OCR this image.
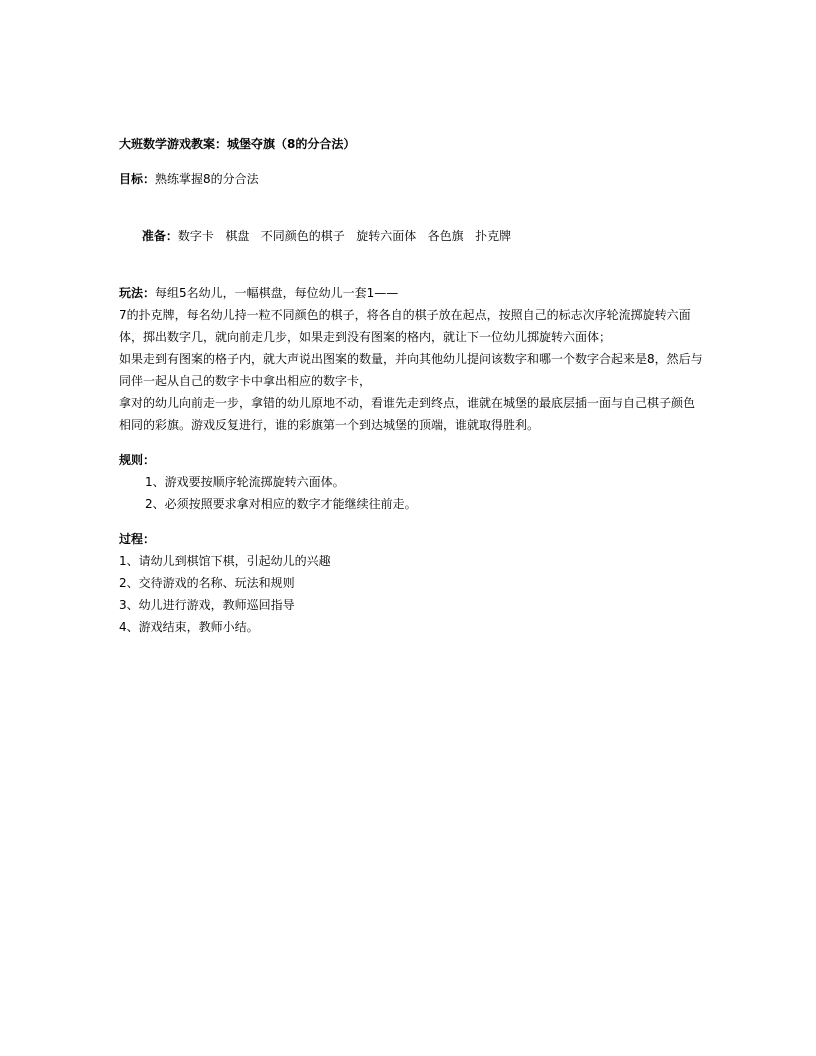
大班数学游戏教案：城堡夺旗（8的分合法）

目标：熟练掌握8的分合法

准备：数字卡   棋盘   不同颜色的棋子   旋转六面体   各色旗   扑克牌

玩法：每组5名幼儿，一幅棋盘，每位幼儿一套1——

7的扑克牌，每名幼儿持一粒不同颜色的棋子，将各自的棋子放在起点，按照自己的标志次序轮流掷旋转六面体，掷出数字几，就向前走几步，如果走到没有图案的格内，就让下一位幼儿掷旋转六面体；

如果走到有图案的格子内，就大声说出图案的数量，并向其他幼儿提问该数字和哪一个数字合起来是8，然后与同伴一起从自己的数字卡中拿出相应的数字卡，

拿对的幼儿向前走一步，拿错的幼儿原地不动，看谁先走到终点，谁就在城堡的最底层插一面与自己棋子颜色相同的彩旗。游戏反复进行，谁的彩旗第一个到达城堡的顶端，谁就取得胜利。

规则：

1、游戏要按顺序轮流掷旋转六面体。
2、必须按照要求拿对相应的数字才能继续往前走。

过程：

1、请幼儿到棋馆下棋，引起幼儿的兴趣
2、交待游戏的名称、玩法和规则
3、幼儿进行游戏，教师巡回指导
4、游戏结束，教师小结。
